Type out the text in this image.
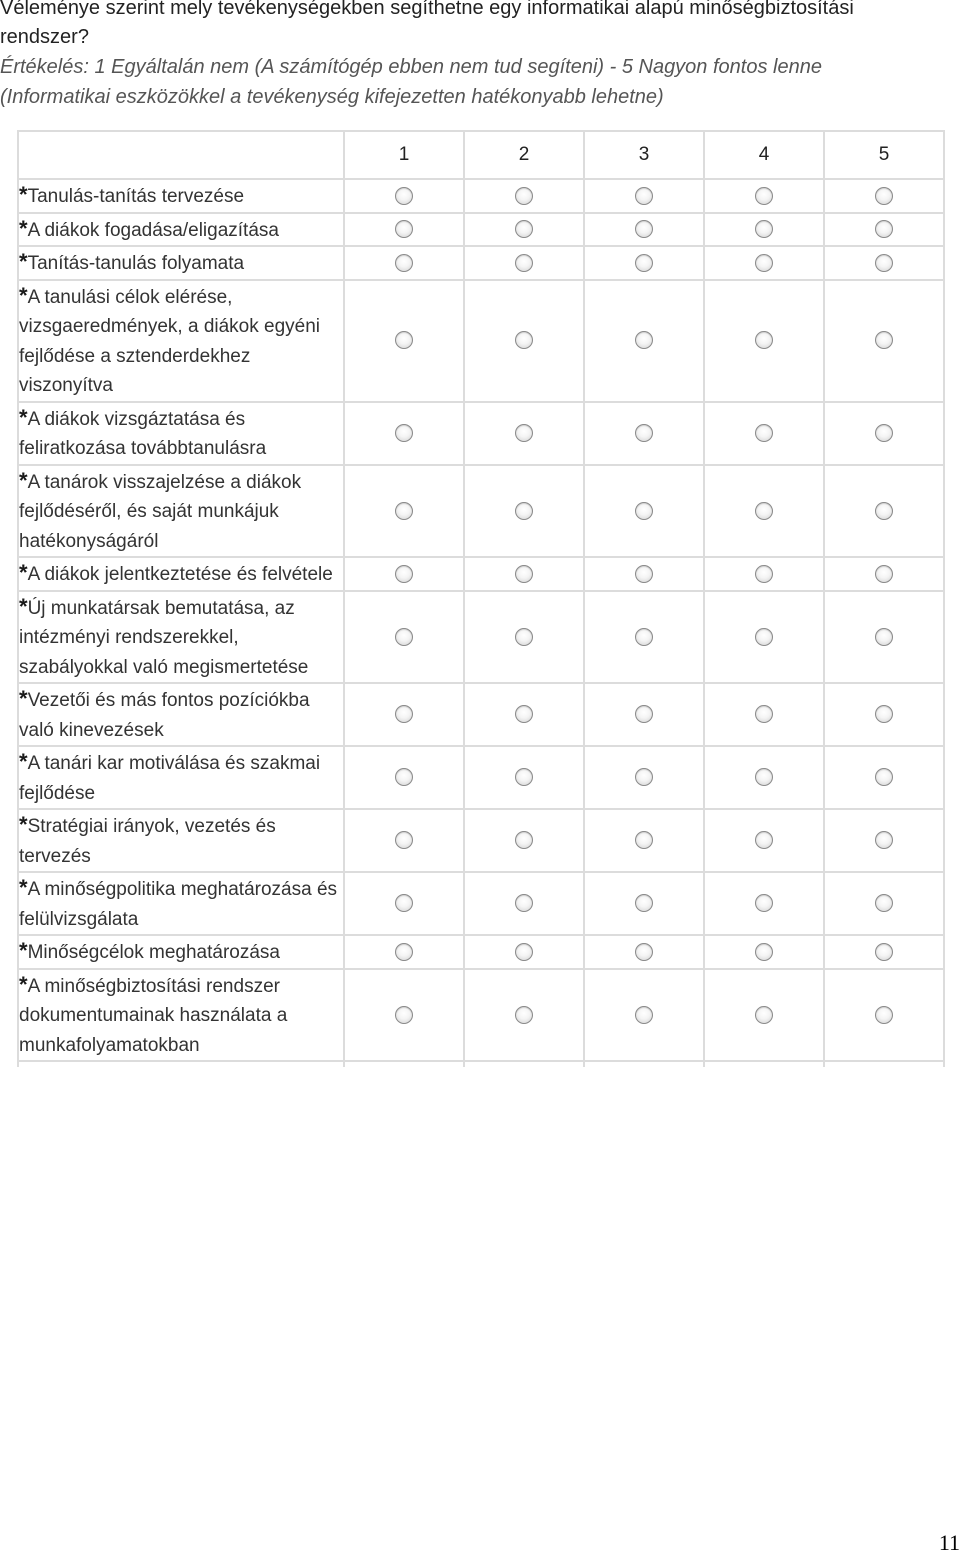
Véleménye szerint mely tevékenységekben segíthetne egy informatikai alapú minőségbiztosítási rendszer?

Értékelés: 1 Egyáltalán nem (A számítógép ebben nem tud segíteni) - 5 Nagyon fontos lenne (Informatikai eszközökkel a tevékenység kifejezetten hatékonyabb lehetne)

	1	2	3	4	5
*Tanulás-tanítás tervezése					
*A diákok fogadása/eligazítása					
*Tanítás-tanulás folyamata					
*A tanulási célok elérése, vizsgaeredmények, a diákok egyéni fejlődése a sztenderdekhez viszonyítva					
*A diákok vizsgáztatása és feliratkozása továbbtanulásra					
*A tanárok visszajelzése a diákok fejlődéséről, és saját munkájuk hatékonyságáról					
*A diákok jelentkeztetése és felvétele					
*Új munkatársak bemutatása, az intézményi rendszerekkel, szabályokkal való megismertetése					
*Vezetői és más fontos pozíciókba való kinevezések					
*A tanári kar motiválása és szakmai fejlődése					
*Stratégiai irányok, vezetés és tervezés					
*A minőségpolitika meghatározása és felülvizsgálata					
*Minőségcélok meghatározása					
*A minőségbiztosítási rendszer dokumentumainak használata a munkafolyamatokban					

11
